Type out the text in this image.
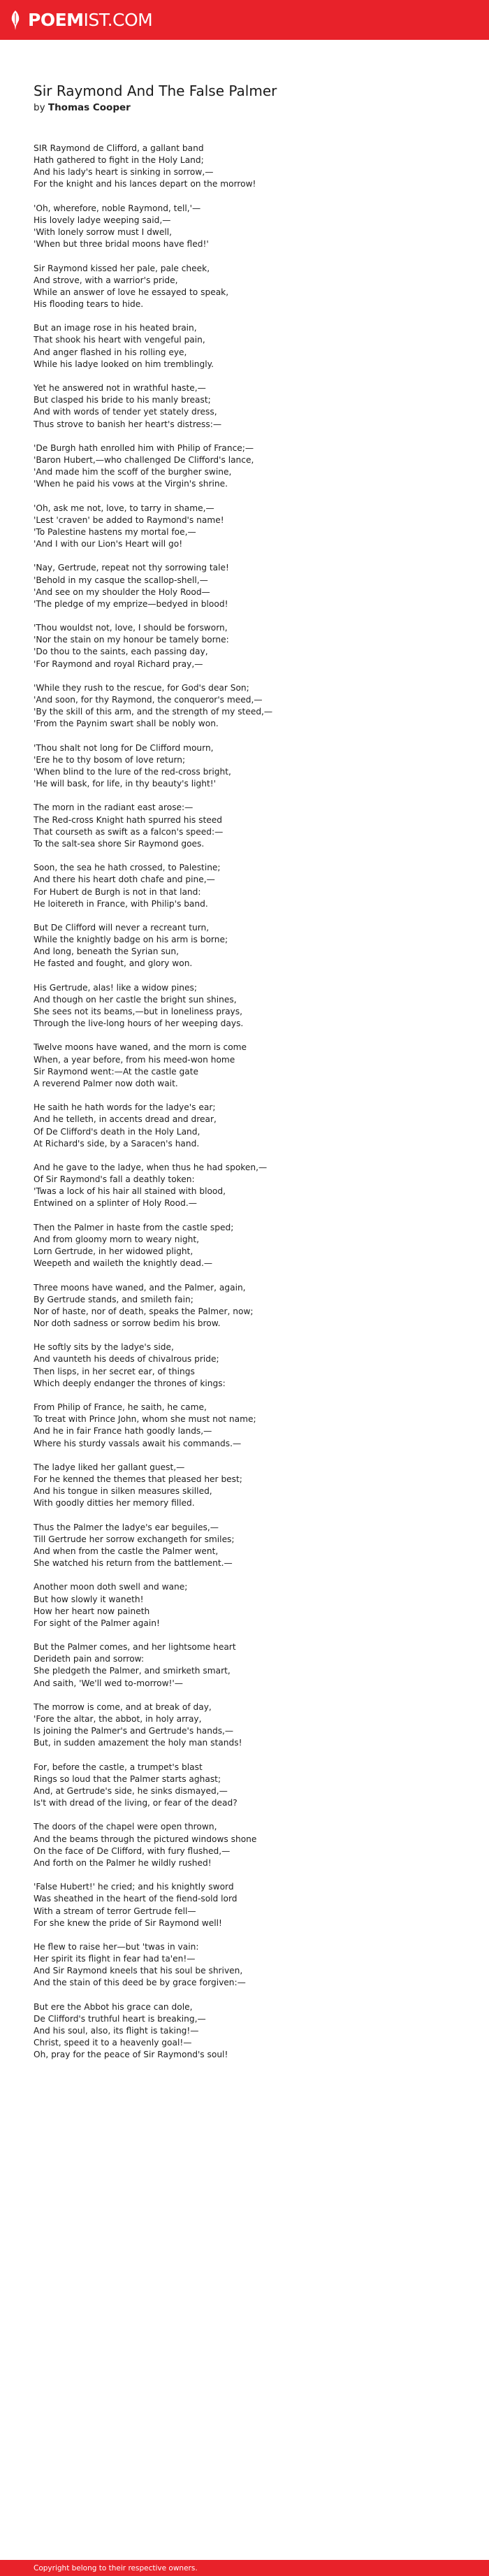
POEM IST.COM
Sir Raymond And The False Palmer

by Thomas Cooper

SIR Raymond de Clifford, a gallant band
Hath gathered to fight in the Holy Land;
And his lady's heart is sinking in sorrow,—
For the knight and his lances depart on the morrow!
'Oh, wherefore, noble Raymond, tell,'—
His lovely ladye weeping said,—
'With lonely sorrow must I dwell,
'When but three bridal moons have fled!'
Sir Raymond kissed her pale, pale cheek,
And strove, with a warrior's pride,
While an answer of love he essayed to speak,
His flooding tears to hide.
But an image rose in his heated brain,
That shook his heart with vengeful pain,
And anger flashed in his rolling eye,
While his ladye looked on him tremblingly.
Yet he answered not in wrathful haste,—
But clasped his bride to his manly breast;
And with words of tender yet stately dress,
Thus strove to banish her heart's distress:—
'De Burgh hath enrolled him with Philip of France;—
'Baron Hubert,—who challenged De Clifford's lance,
'And made him the scoff of the burgher swine,
'When he paid his vows at the Virgin's shrine.
'Oh, ask me not, love, to tarry in shame,—
'Lest 'craven' be added to Raymond's name!
'To Palestine hastens my mortal foe,—
'And I with our Lion's Heart will go!
'Nay, Gertrude, repeat not thy sorrowing tale!
'Behold in my casque the scallop-shell,—
'And see on my shoulder the Holy Rood—
'The pledge of my emprize—bedyed in blood!
'Thou wouldst not, love, I should be forsworn,
'Nor the stain on my honour be tamely borne:
'Do thou to the saints, each passing day,
'For Raymond and royal Richard pray,—
'While they rush to the rescue, for God's dear Son;
'And soon, for thy Raymond, the conqueror's meed,—
'By the skill of this arm, and the strength of my steed,—
'From the Paynim swart shall be nobly won.
'Thou shalt not long for De Clifford mourn,
'Ere he to thy bosom of love return;
'When blind to the lure of the red-cross bright,
'He will bask, for life, in thy beauty's light!'
The morn in the radiant east arose:—
The Red-cross Knight hath spurred his steed
That courseth as swift as a falcon's speed:—
To the salt-sea shore Sir Raymond goes.
Soon, the sea he hath crossed, to Palestine;
And there his heart doth chafe and pine,—
For Hubert de Burgh is not in that land:
He loitereth in France, with Philip's band.
But De Clifford will never a recreant turn,
While the knightly badge on his arm is borne;
And long, beneath the Syrian sun,
He fasted and fought, and glory won.
His Gertrude, alas! like a widow pines;
And though on her castle the bright sun shines,
She sees not its beams,—but in loneliness prays,
Through the live-long hours of her weeping days.
Twelve moons have waned, and the morn is come
When, a year before, from his meed-won home
Sir Raymond went:—At the castle gate
A reverend Palmer now doth wait.
He saith he hath words for the ladye's ear;
And he telleth, in accents dread and drear,
Of De Clifford's death in the Holy Land,
At Richard's side, by a Saracen's hand.
And he gave to the ladye, when thus he had spoken,—
Of Sir Raymond's fall a deathly token:
'Twas a lock of his hair all stained with blood,
Entwined on a splinter of Holy Rood.—
Then the Palmer in haste from the castle sped;
And from gloomy morn to weary night,
Lorn Gertrude, in her widowed plight,
Weepeth and waileth the knightly dead.—
Three moons have waned, and the Palmer, again,
By Gertrude stands, and smileth fain;
Nor of haste, nor of death, speaks the Palmer, now;
Nor doth sadness or sorrow bedim his brow.
He softly sits by the ladye's side,
And vaunteth his deeds of chivalrous pride;
Then lisps, in her secret ear, of things
Which deeply endanger the thrones of kings:
From Philip of France, he saith, he came,
To treat with Prince John, whom she must not name;
And he in fair France hath goodly lands,—
Where his sturdy vassals await his commands.—
The ladye liked her gallant guest,—
For he kenned the themes that pleased her best;
And his tongue in silken measures skilled,
With goodly ditties her memory filled.
Thus the Palmer the ladye's ear beguiles,—
Till Gertrude her sorrow exchangeth for smiles;
And when from the castle the Palmer went,
She watched his return from the battlement.—
Another moon doth swell and wane;
But how slowly it waneth!
How her heart now paineth
For sight of the Palmer again!
But the Palmer comes, and her lightsome heart
Derideth pain and sorrow:
She pledgeth the Palmer, and smirketh smart,
And saith, 'We'll wed to-morrow!'—
The morrow is come, and at break of day,
'Fore the altar, the abbot, in holy array,
Is joining the Palmer's and Gertrude's hands,—
But, in sudden amazement the holy man stands!
For, before the castle, a trumpet's blast
Rings so loud that the Palmer starts aghast;
And, at Gertrude's side, he sinks dismayed,—
Is't with dread of the living, or fear of the dead?
The doors of the chapel were open thrown,
And the beams through the pictured windows shone
On the face of De Clifford, with fury flushed,—
And forth on the Palmer he wildly rushed!
'False Hubert!' he cried; and his knightly sword
Was sheathed in the heart of the fiend-sold lord
With a stream of terror Gertrude fell—
For she knew the pride of Sir Raymond well!
He flew to raise her—but 'twas in vain:
Her spirit its flight in fear had ta'en!—
And Sir Raymond kneels that his soul be shriven,
And the stain of this deed be by grace forgiven:—
But ere the Abbot his grace can dole,
De Clifford's truthful heart is breaking,—
And his soul, also, its flight is taking!—
Christ, speed it to a heavenly goal!—
Oh, pray for the peace of Sir Raymond's soul!
Copyright belong to their respective owners.
